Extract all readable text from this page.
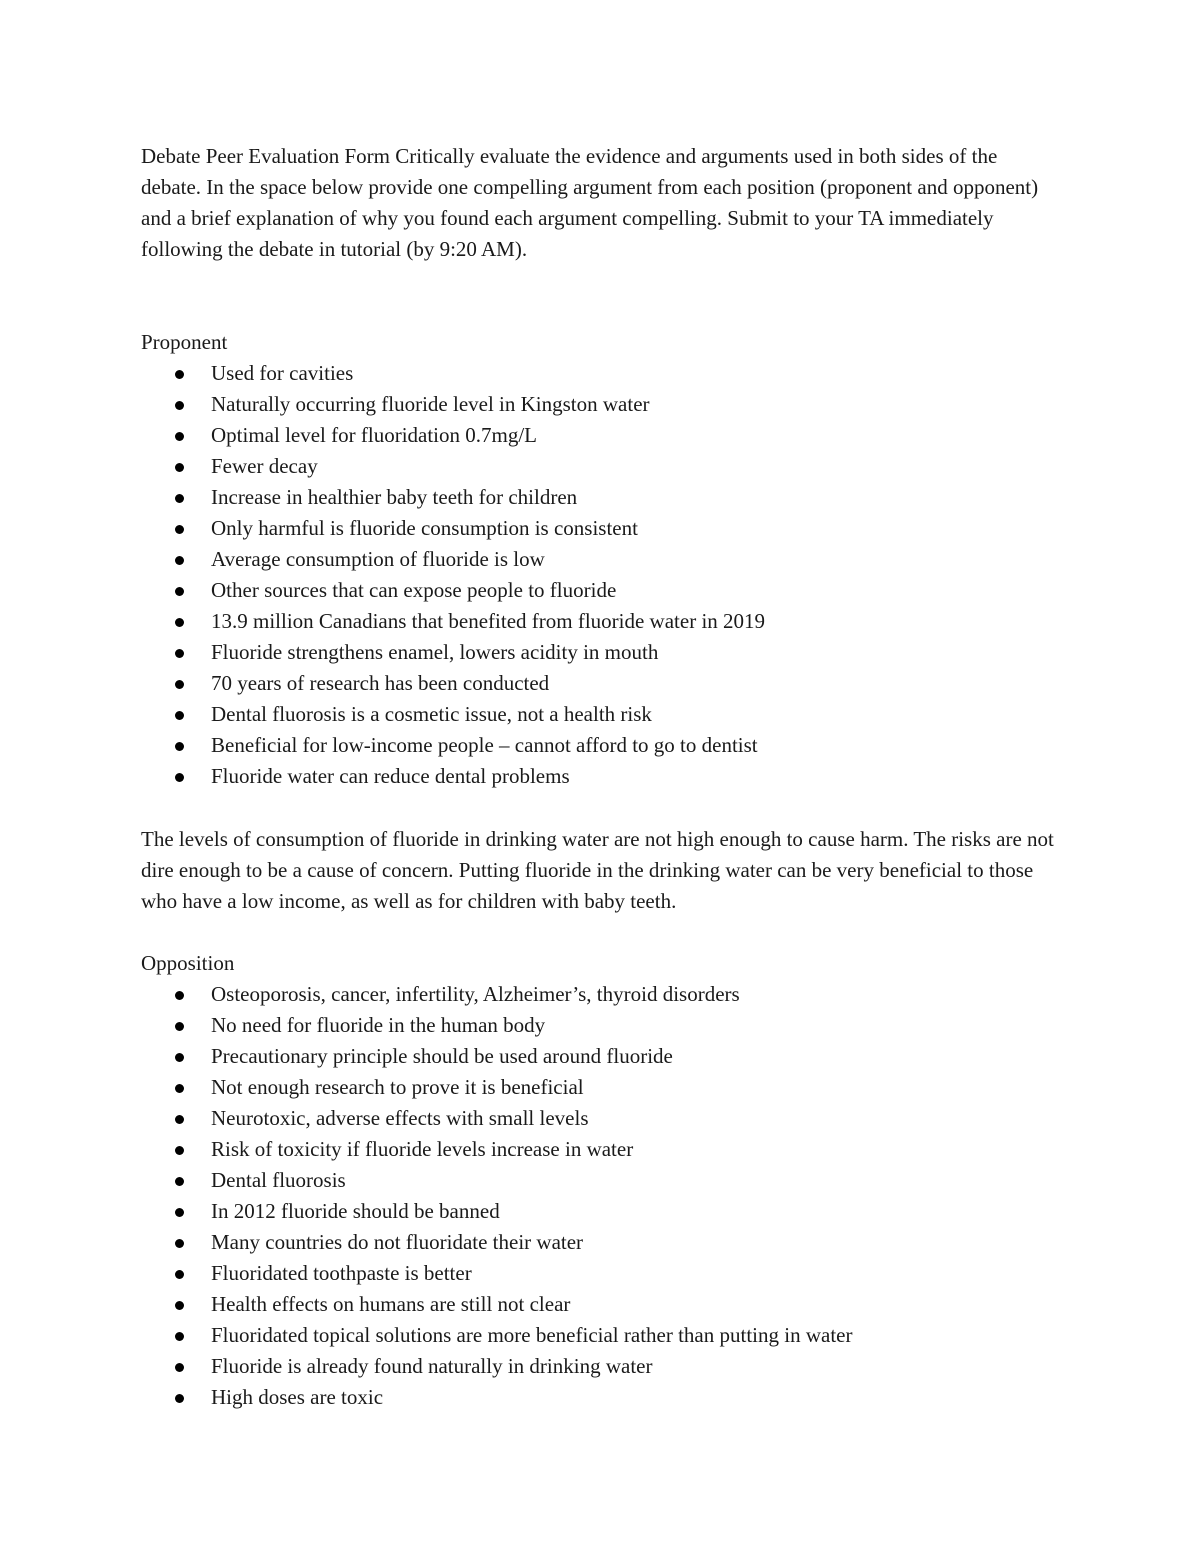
Debate Peer Evaluation Form Critically evaluate the evidence and arguments used in both sides of the debate. In the space below provide one compelling argument from each position (proponent and opponent) and a brief explanation of why you found each argument compelling. Submit to your TA immediately following the debate in tutorial (by 9:20 AM).

Proponent

Used for cavities
Naturally occurring fluoride level in Kingston water
Optimal level for fluoridation 0.7mg/L
Fewer decay
Increase in healthier baby teeth for children
Only harmful is fluoride consumption is consistent
Average consumption of fluoride is low
Other sources that can expose people to fluoride
13.9 million Canadians that benefited from fluoride water in 2019
Fluoride strengthens enamel, lowers acidity in mouth
70 years of research has been conducted
Dental fluorosis is a cosmetic issue, not a health risk
Beneficial for low-income people – cannot afford to go to dentist
Fluoride water can reduce dental problems

The levels of consumption of fluoride in drinking water are not high enough to cause harm. The risks are not dire enough to be a cause of concern. Putting fluoride in the drinking water can be very beneficial to those who have a low income, as well as for children with baby teeth.

Opposition

Osteoporosis, cancer, infertility, Alzheimer’s, thyroid disorders
No need for fluoride in the human body
Precautionary principle should be used around fluoride
Not enough research to prove it is beneficial
Neurotoxic, adverse effects with small levels
Risk of toxicity if fluoride levels increase in water
Dental fluorosis
In 2012 fluoride should be banned
Many countries do not fluoridate their water
Fluoridated toothpaste is better
Health effects on humans are still not clear
Fluoridated topical solutions are more beneficial rather than putting in water
Fluoride is already found naturally in drinking water
High doses are toxic
